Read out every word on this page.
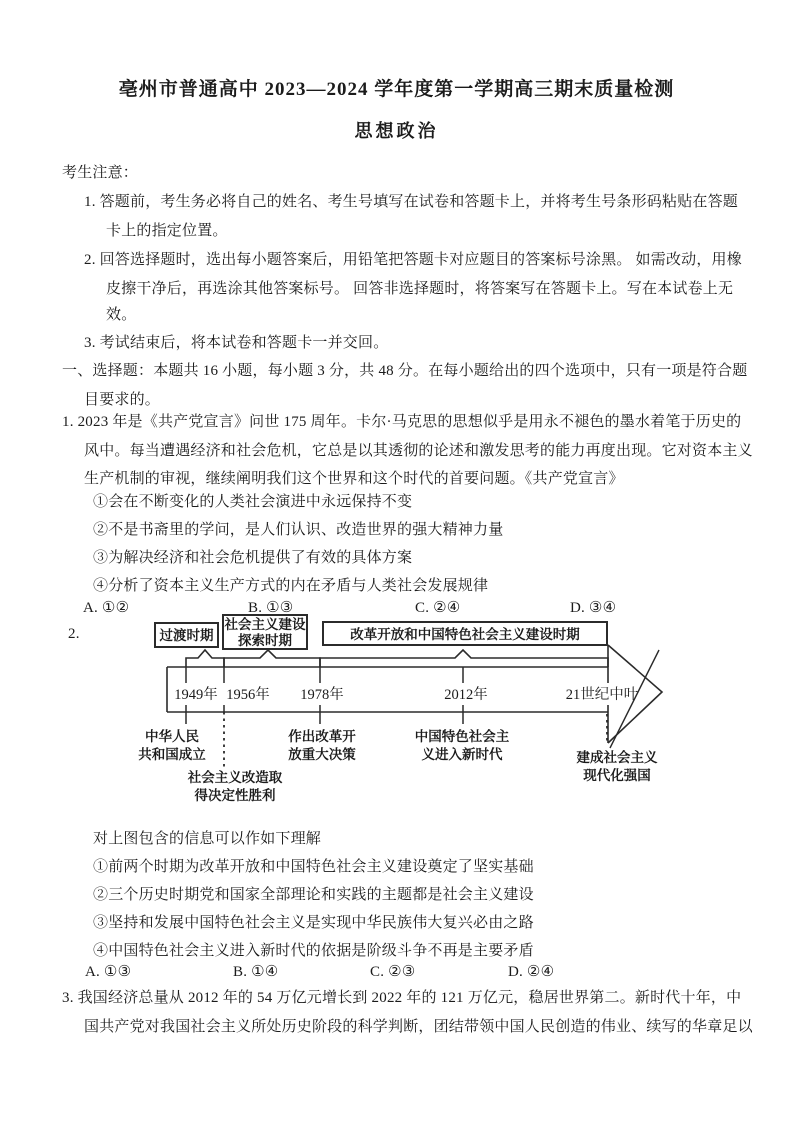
亳州市普通高中 2023—2024 学年度第一学期高三期末质量检测
思想政治
考生注意：
1. 答题前，考生务必将自己的姓名、考生号填写在试卷和答题卡上，并将考生号条形码粘贴在答题
卡上的指定位置。
2. 回答选择题时，选出每小题答案后，用铅笔把答题卡对应题目的答案标号涂黑。 如需改动，用橡
皮擦干净后，再选涂其他答案标号。 回答非选择题时，将答案写在答题卡上。写在本试卷上无
效。
3. 考试结束后，将本试卷和答题卡一并交回。
一、选择题：本题共 16 小题，每小题 3 分，共 48 分。在每小题给出的四个选项中，只有一项是符合题
目要求的。
1. 2023 年是《共产党宣言》问世 175 周年。卡尔·马克思的思想似乎是用永不褪色的墨水着笔于历史的
风中。每当遭遇经济和社会危机，它总是以其透彻的论述和激发思考的能力再度出现。它对资本主义
生产机制的审视，继续阐明我们这个世界和这个时代的首要问题。《共产党宣言》
①会在不断变化的人类社会演进中永远保持不变
②不是书斋里的学问，是人们认识、改造世界的强大精神力量
③为解决经济和社会危机提供了有效的具体方案
④分析了资本主义生产方式的内在矛盾与人类社会发展规律
A. ①②	B. ①③	C. ②④	D. ③④
2.	过渡时期
社会主义建设
探索时期	改革开放和中国特色社会主义建设时期
1949年 1956年 1978年	2012年	21世纪中叶
中华人民
共和国成立
社会主义改造取
得决定性胜利
作出改革开
放重大决策
中国特色社会主
义进入新时代	建成社会主义
现代化强国
对上图包含的信息可以作如下理解
①前两个时期为改革开放和中国特色社会主义建设奠定了坚实基础
②三个历史时期党和国家全部理论和实践的主题都是社会主义建设
③坚持和发展中国特色社会主义是实现中华民族伟大复兴必由之路
④中国特色社会主义进入新时代的依据是阶级斗争不再是主要矛盾
A. ①③	B. ①④	C. ②③	D. ②④
3. 我国经济总量从 2012 年的 54 万亿元增长到 2022 年的 121 万亿元，稳居世界第二。新时代十年，中
国共产党对我国社会主义所处历史阶段的科学判断，团结带领中国人民创造的伟业、续写的华章足以
